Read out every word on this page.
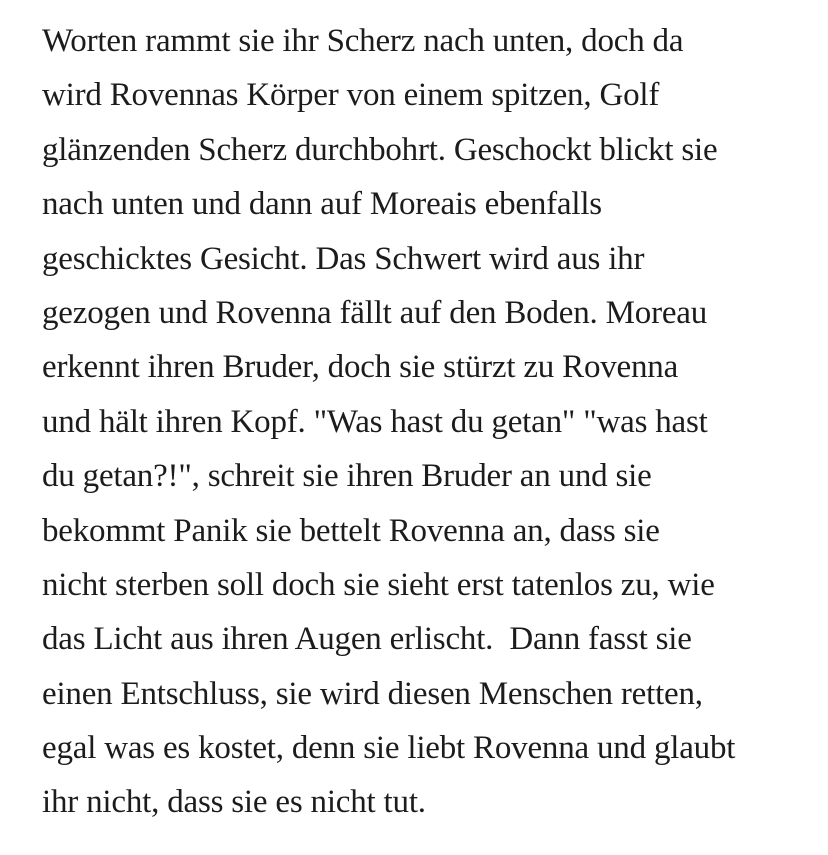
Worten rammt sie ihr Scherz nach unten, doch da
wird Rovennas Körper von einem spitzen, Golf
glänzenden Scherz durchbohrt. Geschockt blickt sie
nach unten und dann auf Moreais ebenfalls
geschicktes Gesicht. Das Schwert wird aus ihr
gezogen und Rovenna fällt auf den Boden. Moreau
erkennt ihren Bruder, doch sie stürzt zu Rovenna
und hält ihren Kopf. "Was hast du getan" "was hast
du getan?!", schreit sie ihren Bruder an und sie
bekommt Panik sie bettelt Rovenna an, dass sie
nicht sterben soll doch sie sieht erst tatenlos zu, wie
das Licht aus ihren Augen erlischt.  Dann fasst sie
einen Entschluss, sie wird diesen Menschen retten,
egal was es kostet, denn sie liebt Rovenna und glaubt
ihr nicht, dass sie es nicht tut.
